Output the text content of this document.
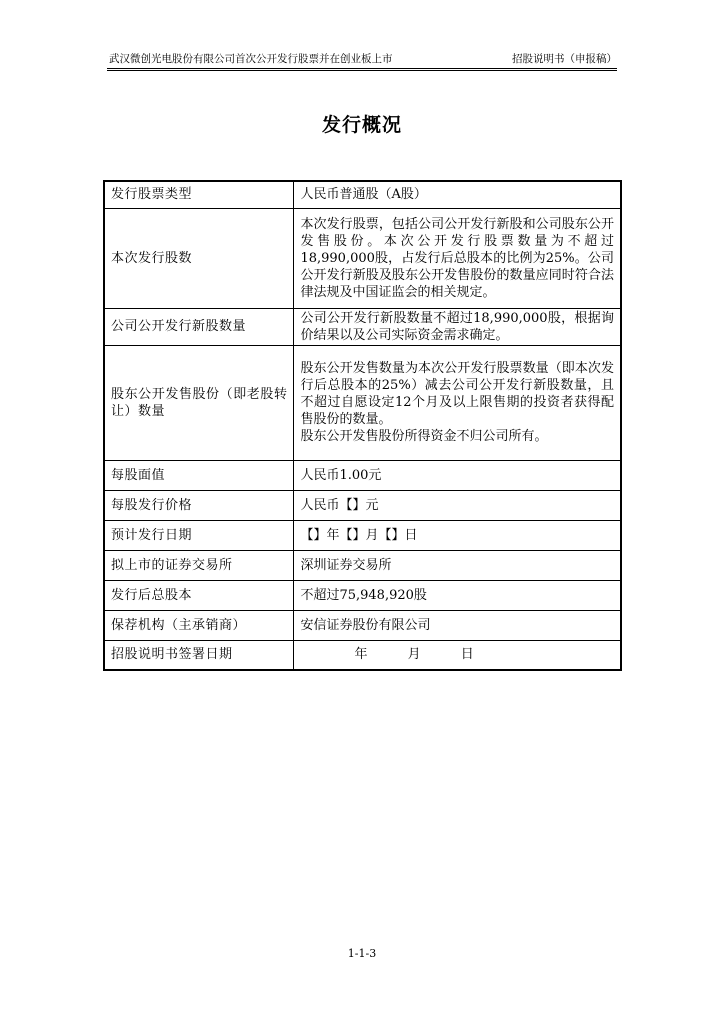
武汉微创光电股份有限公司首次公开发行股票并在创业板上市	招股说明书（申报稿）
发行概况
发行股票类型	人民币普通股（A股）

本次发行股数	本次发行股票，包括公司公开发行新股和公司股东公开发售股份。本次公开发行股票数量为不超过18,990,000股，占发行后总股本的比例为25%。公司公开发行新股及股东公开发售股份的数量应同时符合法律法规及中国证监会的相关规定。

公司公开发行新股数量	公司公开发行新股数量不超过18,990,000股，根据询价结果以及公司实际资金需求确定。

股东公开发售股份（即老股转让）数量	股东公开发售数量为本次公开发行股票数量（即本次发行后总股本的25%）减去公司公开发行新股数量，且不超过自愿设定12个月及以上限售期的投资者获得配售股份的数量。

股东公开发售股份所得资金不归公司所有。

每股面值	人民币1.00元

每股发行价格	人民币【】元

预计发行日期	【】年【】月【】日

拟上市的证券交易所	深圳证券交易所

发行后总股本	不超过75,948,920股

保荐机构（主承销商）	安信证券股份有限公司

招股说明书签署日期	年 月 日
1-1-3
